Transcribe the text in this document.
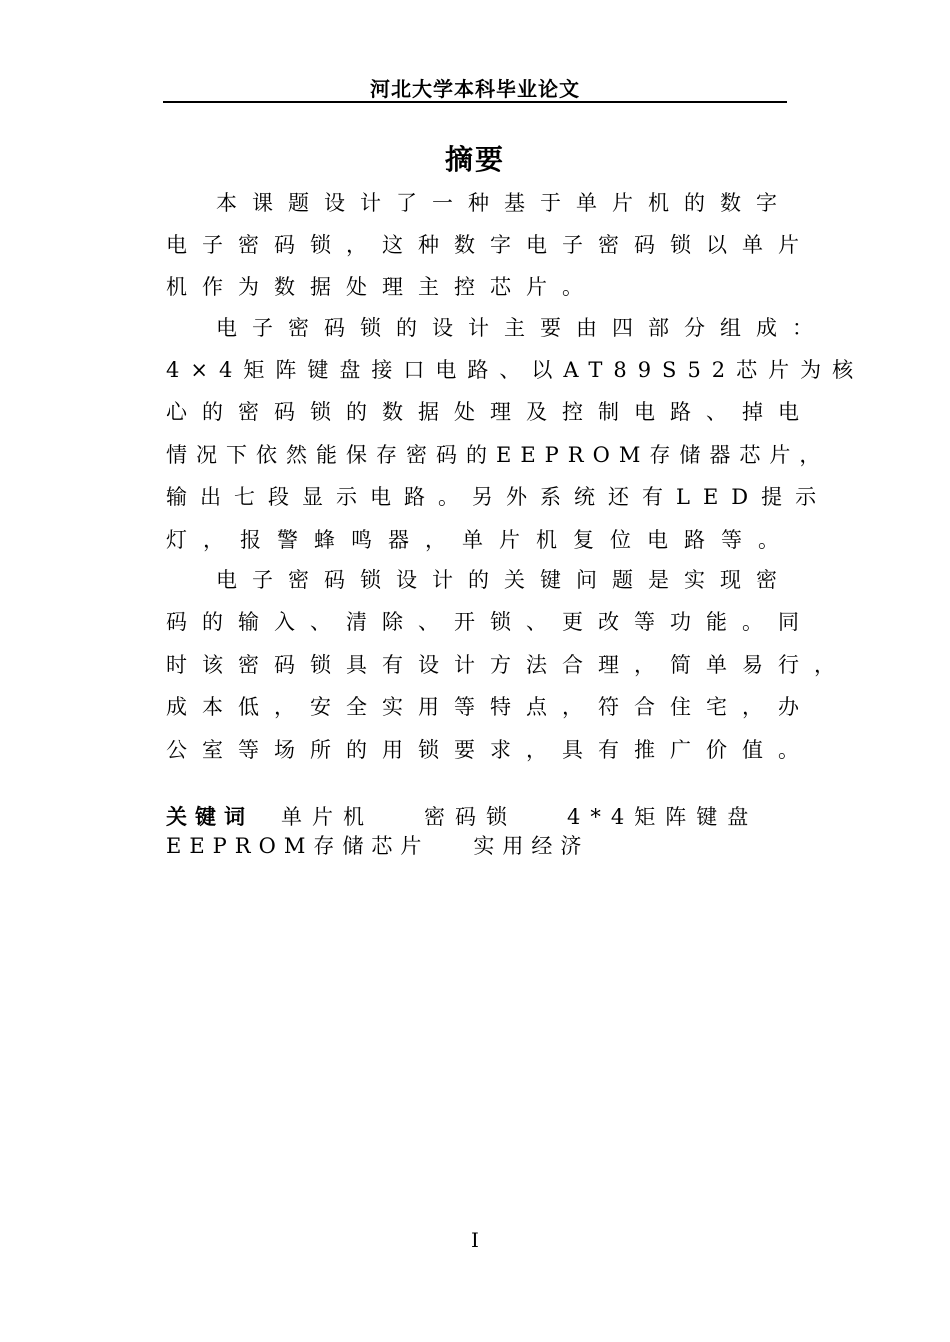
河北大学本科毕业论文
摘要
本课题设计了一种基于单片机的数字
电子密码锁，这种数字电子密码锁以单片
机作为数据处理主控芯片。
电子密码锁的设计主要由四部分组成：
4×4矩阵键盘接口电路、以AT89S52芯片为核
心的密码锁的数据处理及控制电路、掉电
情况下依然能保存密码的EEPROM存储器芯片，
输出七段显示电路。另外系统还有LED提示
灯，报警蜂鸣器，单片机复位电路等。
电子密码锁设计的关键问题是实现密
码的输入、清除、开锁、更改等功能。同
时该密码锁具有设计方法合理，简单易行，
成本低，安全实用等特点，符合住宅，办
公室等场所的用锁要求，具有推广价值。
关键词 单片机   密码锁   4*4矩阵键盘
EEPROM存储芯片   实用经济
I
